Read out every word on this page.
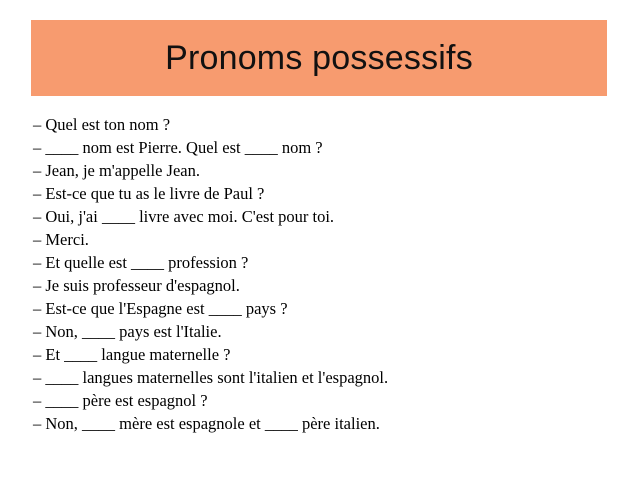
Pronoms possessifs
– Quel est ton nom ?
– ____ nom est Pierre. Quel est ____ nom ?
– Jean, je m'appelle Jean.
– Est-ce que tu as le livre de Paul ?
– Oui, j'ai ____ livre avec moi. C'est pour toi.
– Merci.
– Et quelle est ____ profession ?
– Je suis professeur d'espagnol.
– Est-ce que l'Espagne est ____ pays ?
– Non, ____ pays est l'Italie.
– Et ____ langue maternelle ?
– ____ langues maternelles sont l'italien et l'espagnol.
– ____ père est espagnol ?
– Non, ____ mère est espagnole et ____ père italien.
